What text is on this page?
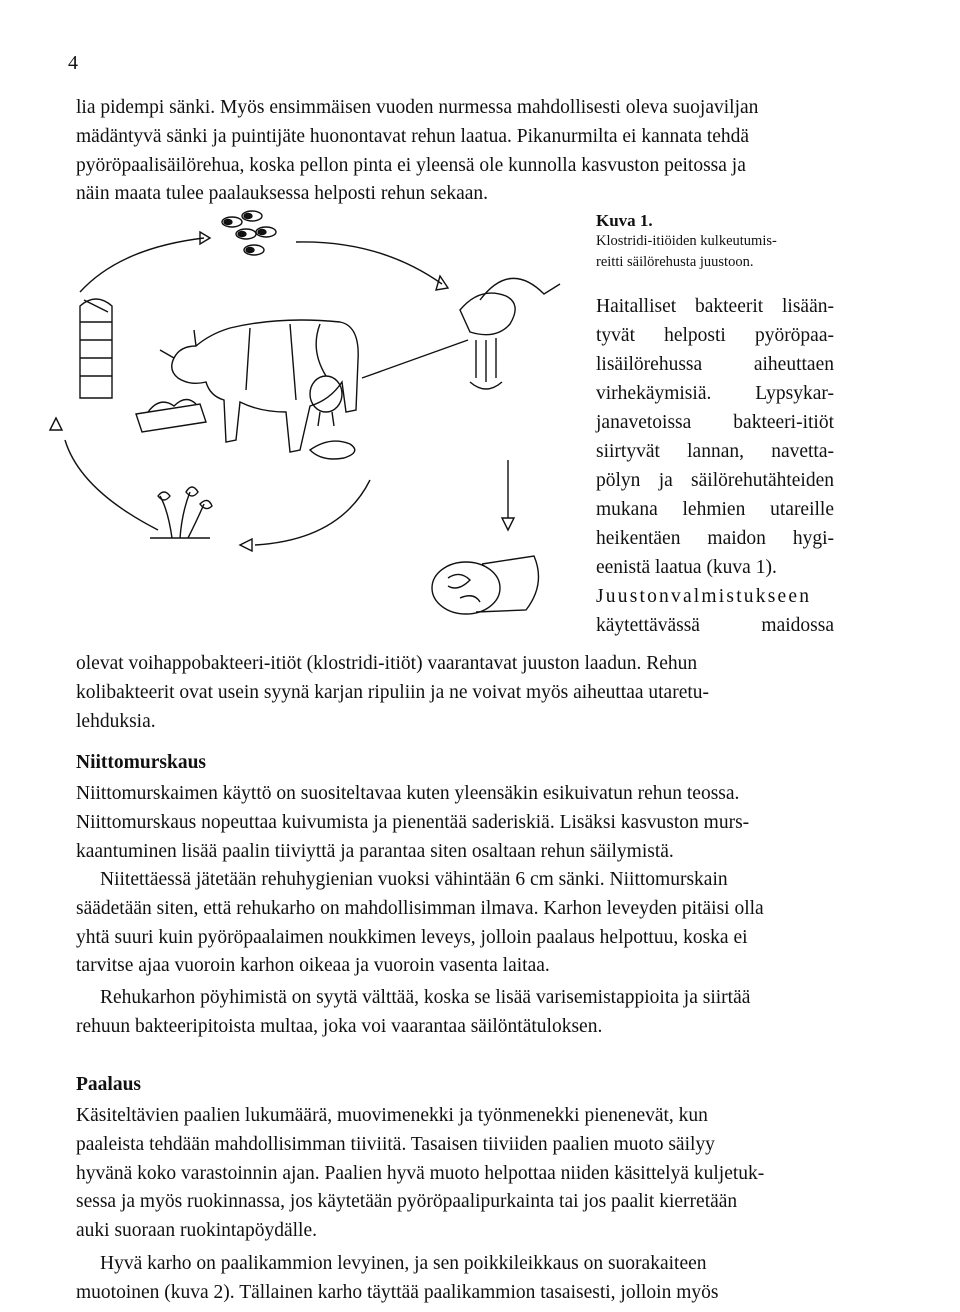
4

lia pidempi sänki. Myös ensimmäisen vuoden nurmessa mahdollisesti oleva suojaviljan
mädäntyvä sänki ja puintijäte huonontavat rehun laatua. Pikanurmilta ei kannata tehdä
pyöröpaalisäilörehua, koska pellon pinta ei yleensä ole kunnolla kasvuston peitossa ja
näin maata tulee paalauksessa helposti rehun sekaan.

Kuva 1.
Klostridi-itiöiden kulkeutumis-
reitti säilörehusta juustoon.
Haitalliset bakteerit lisään-
tyvät helposti pyöröpaa-
lisäilörehussa aiheuttaen
virhekäymisiä. Lypsykar-
janavetoissa bakteeri-itiöt
siirtyvät lannan, navetta-
pölyn ja säilörehutähteiden
mukana lehmien utareille
heikentäen maidon hygi-
eenistä laatua (kuva 1).
Juustonvalmistukseen
käytettävässä maidossa

olevat voihappobakteeri-itiöt (klostridi-itiöt) vaarantavat juuston laadun. Rehun
kolibakteerit ovat usein syynä karjan ripuliin ja ne voivat myös aiheuttaa utaretu-
lehduksia.

Niittomurskaus

Niittomurskaimen käyttö on suositeltavaa kuten yleensäkin esikuivatun rehun teossa.
Niittomurskaus nopeuttaa kuivumista ja pienentää saderiskiä. Lisäksi kasvuston murs-
kaantuminen lisää paalin tiiviyttä ja parantaa siten osaltaan rehun säilymistä.

Niitettäessä jätetään rehuhygienian vuoksi vähintään 6 cm sänki. Niittomurskain
säädetään siten, että rehukarho on mahdollisimman ilmava. Karhon leveyden pitäisi olla
yhtä suuri kuin pyöröpaalaimen noukkimen leveys, jolloin paalaus helpottuu, koska ei
tarvitse ajaa vuoroin karhon oikeaa ja vuoroin vasenta laitaa.

Rehukarhon pöyhimistä on syytä välttää, koska se lisää varisemistappioita ja siirtää
rehuun bakteeripitoista multaa, joka voi vaarantaa säilöntätuloksen.

Paalaus

Käsiteltävien paalien lukumäärä, muovimenekki ja työnmenekki pienenevät, kun
paaleista tehdään mahdollisimman tiiviitä. Tasaisen tiiviiden paalien muoto säilyy
hyvänä koko varastoinnin ajan. Paalien hyvä muoto helpottaa niiden käsittelyä kuljetuk-
sessa ja myös ruokinnassa, jos käytetään pyöröpaalipurkainta tai jos paalit kierretään
auki suoraan ruokintapöydälle.

Hyvä karho on paalikammion levyinen, ja sen poikkileikkaus on suorakaiteen
muotoinen (kuva 2). Tällainen karho täyttää paalikammion tasaisesti, jolloin myös
